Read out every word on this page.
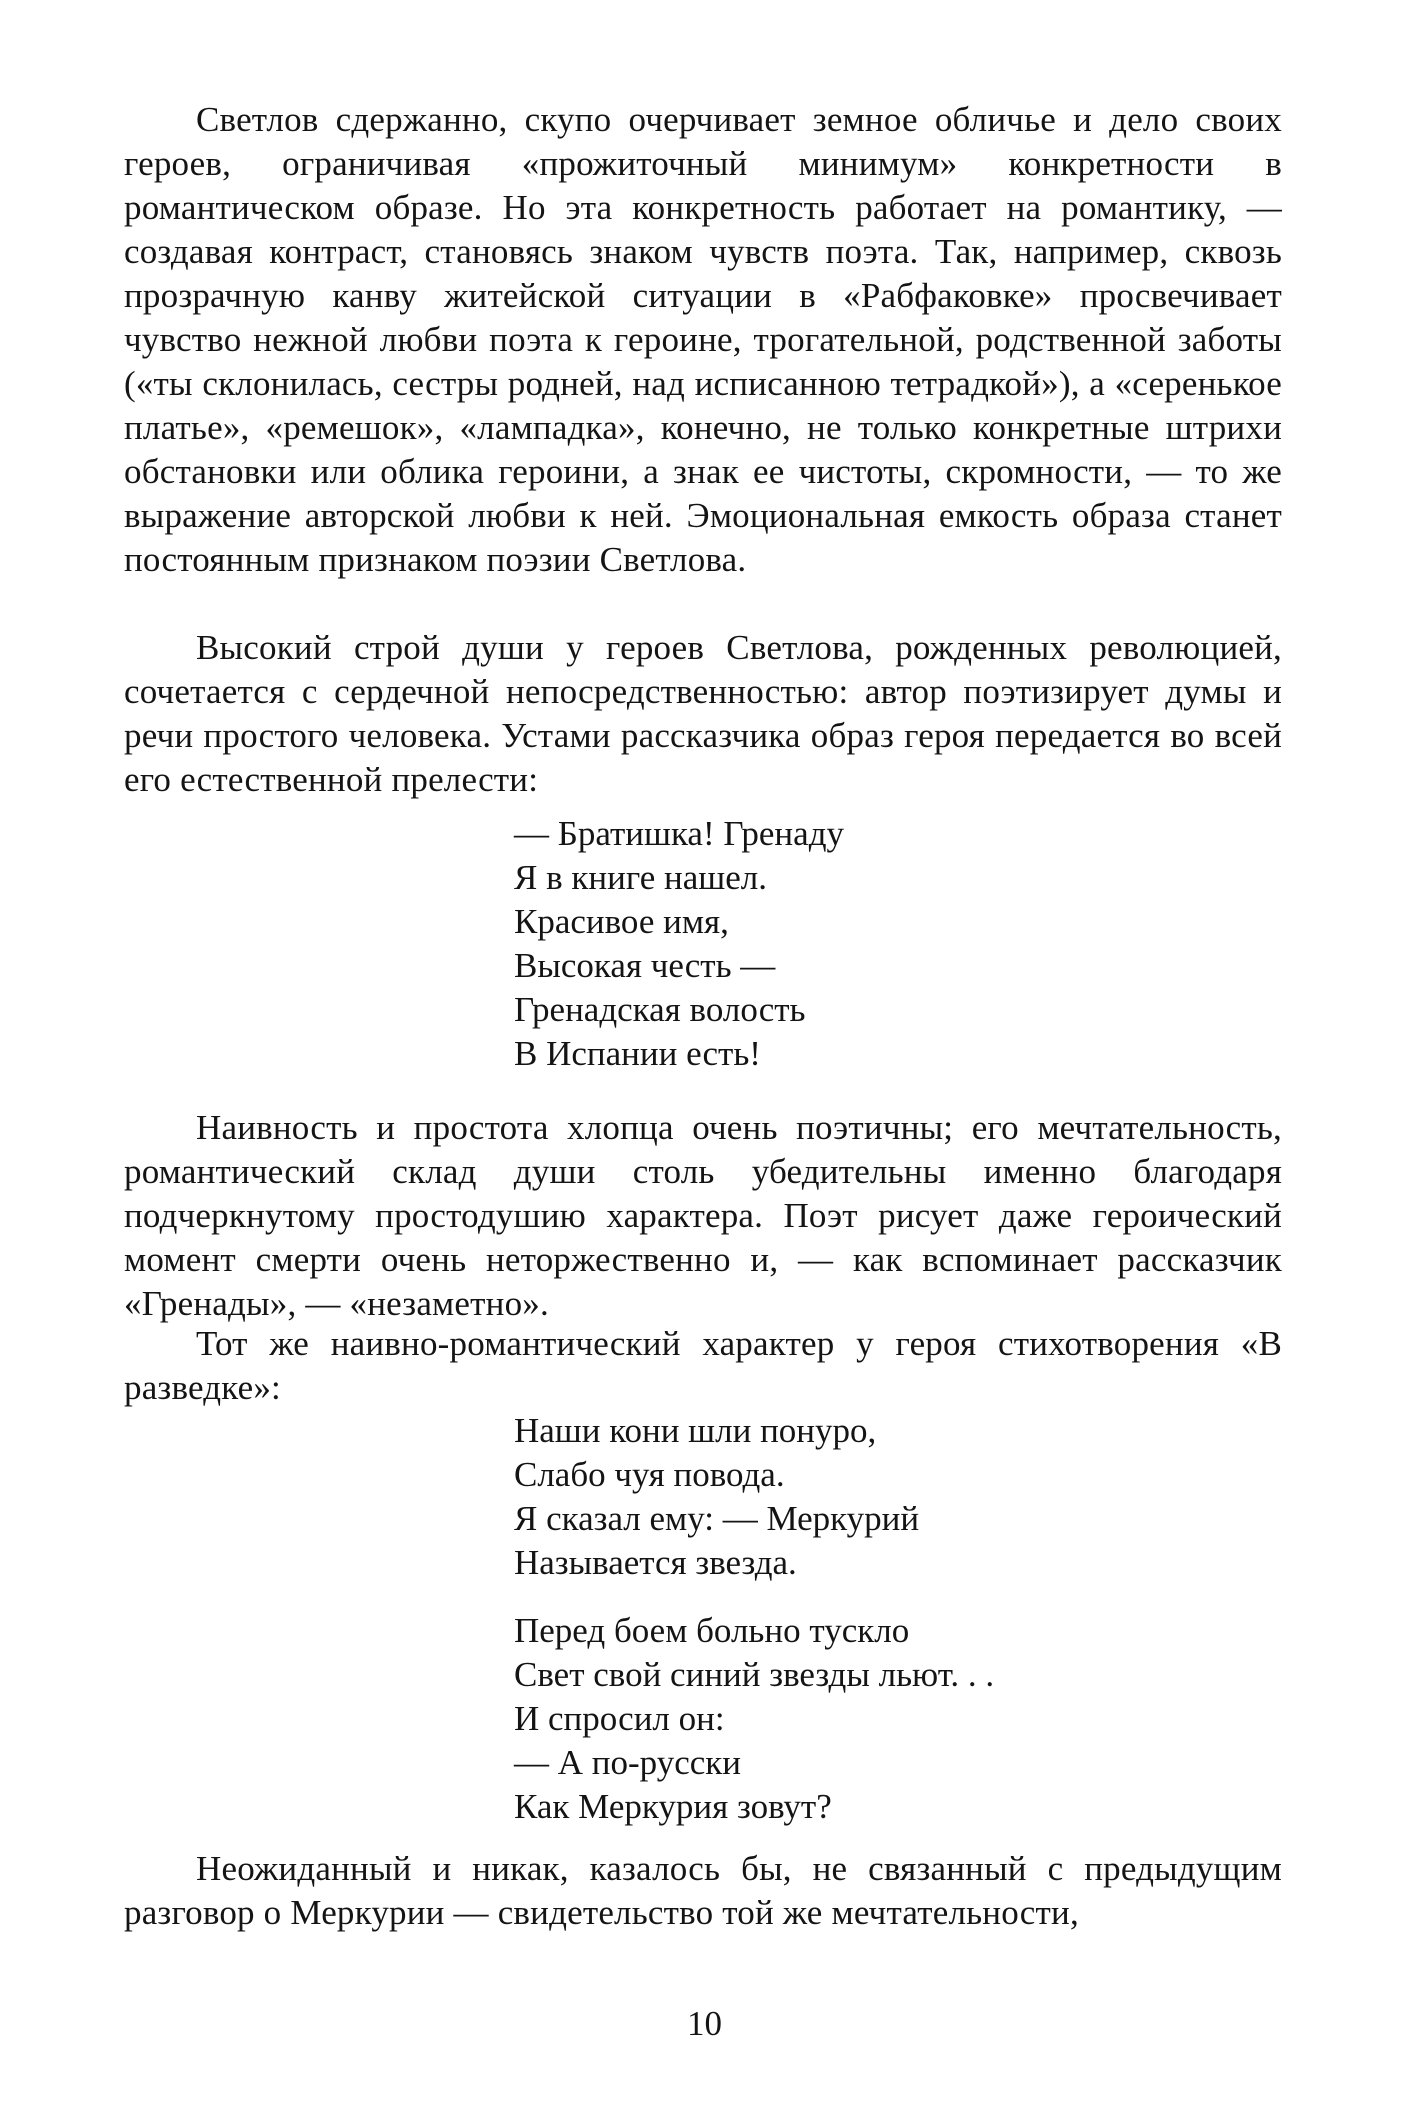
Светлов сдержанно, скупо очерчивает земное обличье и дело своих героев, ограничивая «прожиточный минимум» конкретности в романтическом образе. Но эта конкретность работает на романтику, — создавая контраст, становясь знаком чувств поэта. Так, например, сквозь прозрачную канву житейской ситуации в «Рабфаковке» просвечивает чувство нежной любви поэта к героине, трогательной, родственной заботы («ты склонилась, сестры родней, над исписанною тетрадкой»), а «серенькое платье», «ремешок», «лампадка», конечно, не только конкретные штрихи обстановки или облика героини, а знак ее чистоты, скромности, — то же выражение авторской любви к ней. Эмоциональная емкость образа станет постоянным признаком поэзии Светлова.

Высокий строй души у героев Светлова, рожденных революцией, сочетается с сердечной непосредственностью: автор поэтизирует думы и речи простого человека. Устами рассказчика образ героя передается во всей его естественной прелести:

— Братишка! Гренаду
Я в книге нашел.
Красивое имя,
Высокая честь —
Гренадская волость
В Испании есть!

Наивность и простота хлопца очень поэтичны; его мечтательность, романтический склад души столь убедительны именно благодаря подчеркнутому простодушию характера. Поэт рисует даже героический момент смерти очень неторжественно и, — как вспоминает рассказчик «Гренады», — «незаметно».

Тот же наивно-романтический характер у героя стихотворения «В разведке»:

Наши кони шли понуро,
Слабо чуя повода.
Я сказал ему: — Меркурий
Называется звезда.
Перед боем больно тускло
Свет свой синий звезды льют. . .
И спросил он:
— А по-русски
Как Меркурия зовут?

Неожиданный и никак, казалось бы, не связанный с предыдущим разговор о Меркурии — свидетельство той же мечтательности,

10
